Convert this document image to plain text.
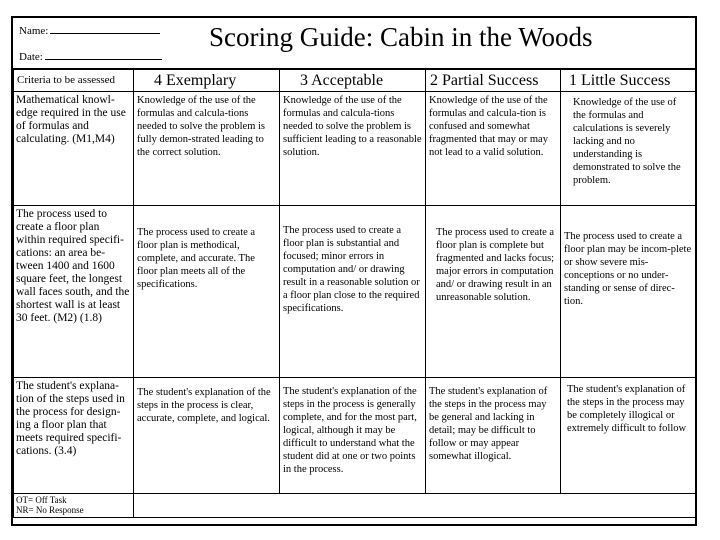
Name:
Date:
Scoring Guide: Cabin in the Woods
Criteria to be assessed	4 Exemplary	3 Acceptable	2 Partial Success	1 Little Success

Mathematical knowl-edge required in the use of formulas and calculating. (M1,M4)	Knowledge of the use of the formulas and calcula-tions needed to solve the problem is fully demon-strated leading to the correct solution.	Knowledge of the use of the formulas and calcula-tions needed to solve the problem is sufficient leading to a reasonable solution.	Knowledge of the use of the formulas and calcula-tion is confused and somewhat fragmented that may or may not lead to a valid solution.	Knowledge of the use of the formulas and calculations is severely lacking and no understanding is demonstrated to solve the problem.

The process used to create a floor plan within required specifi-cations: an area be-tween 1400 and 1600 square feet, the longest wall faces south, and the shortest wall is at least 30 feet. (M2) (1.8)	The process used to create a floor plan is methodical, complete, and accurate. The floor plan meets all of the specifications.	The process used to create a floor plan is substantial and focused; minor errors in computation and/ or drawing result in a reasonable solution or a floor plan close to the required specifications.	The process used to create a floor plan is complete but fragmented and lacks focus; major errors in computation and/ or drawing result in an unreasonable solution.	The process used to create a floor plan may be incom-plete or show severe mis-conceptions or no under-standing or sense of direc-tion.

The student's explana-tion of the steps used in the process for design-ing a floor plan that meets required specifi-cations. (3.4)	The student's explanation of the steps in the process is clear, accurate, complete, and logical.	The student's explanation of the steps in the process is generally complete, and for the most part, logical, although it may be difficult to understand what the student did at one or two points in the process.	The student's explanation of the steps in the process may be general and lacking in detail; may be difficult to follow or may appear somewhat illogical.	The student's explanation of the steps in the process may be completely illogical or extremely difficult to follow

OT= Off Task
NR= No Response				
